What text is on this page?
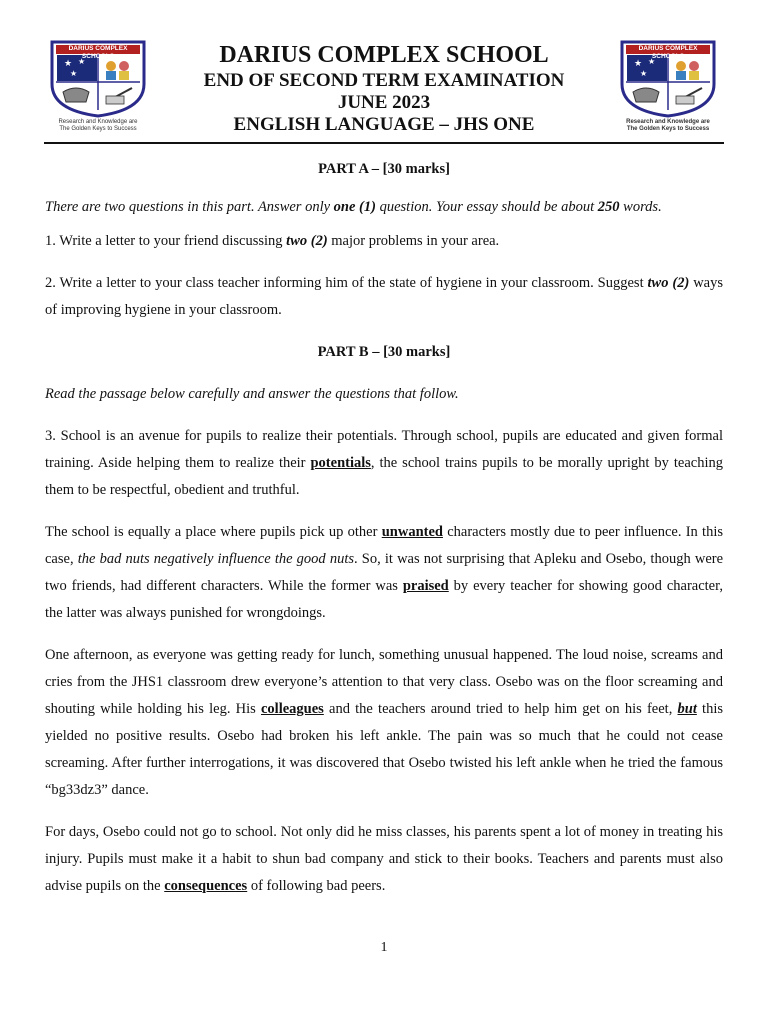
★ ★
★
Research and Knowledge are
The Golden Keys to Success
DARIUS COMPLEX SCHOOLS
★ ★
★
Research and Knowledge are
The Golden Keys to Success
DARIUS COMPLEX SCHOOLS
DARIUS COMPLEX SCHOOL
END OF SECOND TERM EXAMINATION
JUNE 2023
ENGLISH LANGUAGE – JHS ONE

PART A – [30 marks]

There are two questions in this part. Answer only one (1) question. Your essay should be about 250 words.

1. Write a letter to your friend discussing two (2) major problems in your area.

2. Write a letter to your class teacher informing him of the state of hygiene in your classroom. Suggest two (2) ways of improving hygiene in your classroom.

PART B – [30 marks]

Read the passage below carefully and answer the questions that follow.

3. School is an avenue for pupils to realize their potentials. Through school, pupils are educated and given formal training. Aside helping them to realize their potentials, the school trains pupils to be morally upright by teaching them to be respectful, obedient and truthful.

The school is equally a place where pupils pick up other unwanted characters mostly due to peer influence. In this case, the bad nuts negatively influence the good nuts. So, it was not surprising that Apleku and Osebo, though were two friends, had different characters. While the former was praised by every teacher for showing good character, the latter was always punished for wrongdoings.

One afternoon, as everyone was getting ready for lunch, something unusual happened. The loud noise, screams and cries from the JHS1 classroom drew everyone’s attention to that very class. Osebo was on the floor screaming and shouting while holding his leg. His colleagues and the teachers around tried to help him get on his feet, but this yielded no positive results. Osebo had broken his left ankle. The pain was so much that he could not cease screaming. After further interrogations, it was discovered that Osebo twisted his left ankle when he tried the famous “bg33dz3” dance.

For days, Osebo could not go to school. Not only did he miss classes, his parents spent a lot of money in treating his injury. Pupils must make it a habit to shun bad company and stick to their books. Teachers and parents must also advise pupils on the consequences of following bad peers.

1
